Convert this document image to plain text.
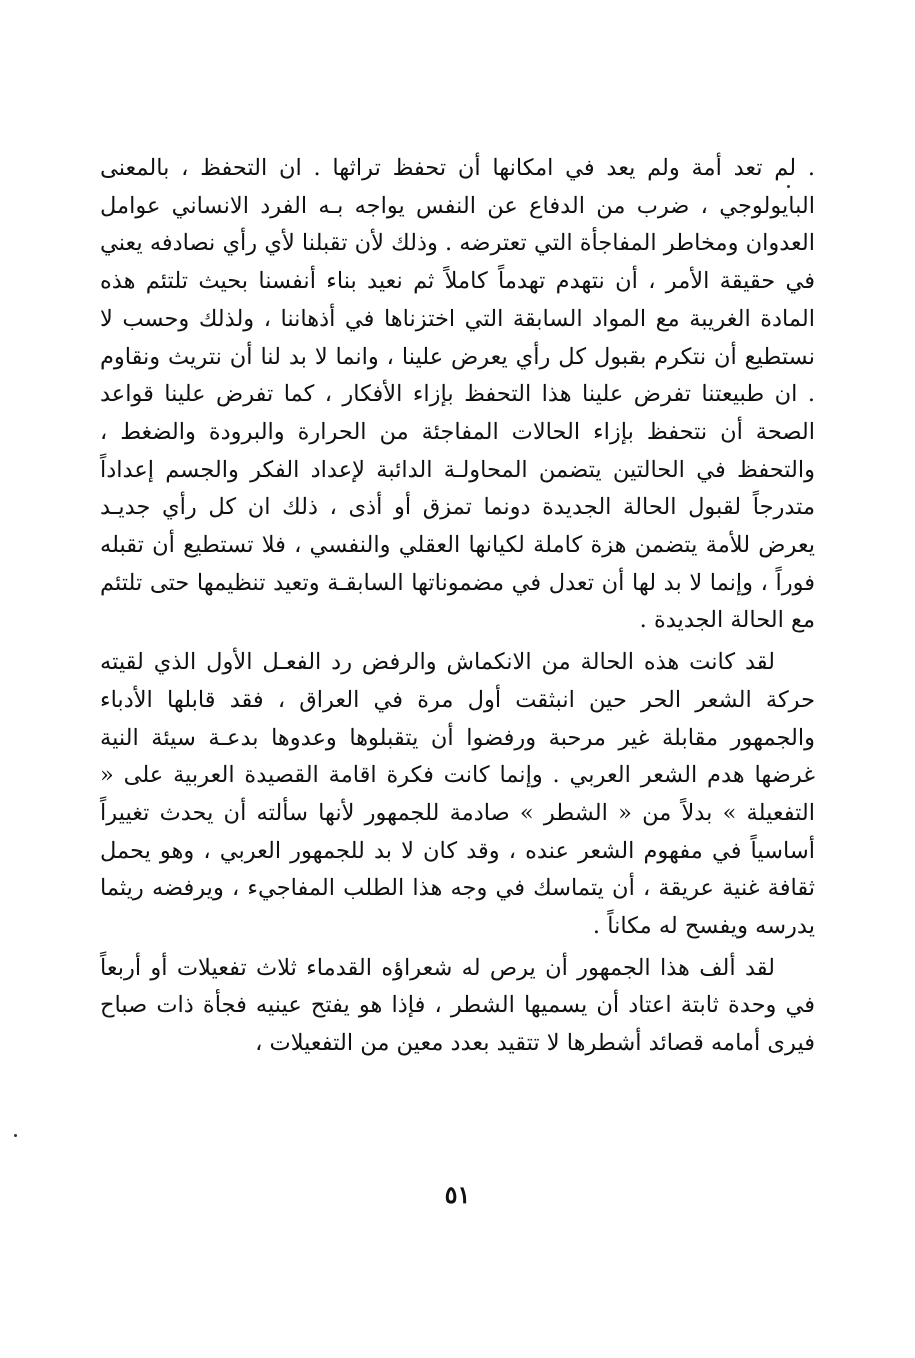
. لم تعد أمة ولم يعد في امكانها أن تحفظ تراثها . ان التحفظ ، بالمعنى البايولوجي ، ضرب من الدفاع عن النفس يواجه بـه الفرد الانساني عوامل العدوان ومخاطر المفاجأة التي تعترضه . وذلك لأن تقبلنا لأي رأي نصادفه يعني في حقيقة الأمر ، أن نتهدم تهدماً كاملاً ثم نعيد بناء أنفسنا بحيث تلتئم هذه المادة الغريبة مع المواد السابقة التي اختزناها في أذهاننا ، ولذلك وحسب لا نستطيع أن نتكرم بقبول كل رأي يعرض علينا ، وانما لا بد لنا أن نتريث ونقاوم . ان طبيعتنا تفرض علينا هذا التحفظ بإزاء الأفكار ، كما تفرض علينا قواعد الصحة أن نتحفظ بإزاء الحالات المفاجئة من الحرارة والبرودة والضغط ، والتحفظ في الحالتين يتضمن المحاولـة الدائبة لإعداد الفكر والجسم إعداداً متدرجاً لقبول الحالة الجديدة دونما تمزق أو أذى ، ذلك ان كل رأي جديـد يعرض للأمة يتضمن هزة كاملة لكيانها العقلي والنفسي ، فلا تستطيع أن تقبله فوراً ، وإنما لا بد لها أن تعدل في مضموناتها السابقـة وتعيد تنظيمها حتى تلتئم مع الحالة الجديدة .

لقد كانت هذه الحالة من الانكماش والرفض رد الفعـل الأول الذي لقيته حركة الشعر الحر حين انبثقت أول مرة في العراق ، فقد قابلها الأدباء والجمهور مقابلة غير مرحبة ورفضوا أن يتقبلوها وعدوها بدعـة سيئة النية غرضها هدم الشعر العربي . وإنما كانت فكرة اقامة القصيدة العربية على « التفعيلة » بدلاً من « الشطر » صادمة للجمهور لأنها سألته أن يحدث تغييراً أساسياً في مفهوم الشعر عنده ، وقد كان لا بد للجمهور العربي ، وهو يحمل ثقافة غنية عريقة ، أن يتماسك في وجه هذا الطلب المفاجيء ، ويرفضه ريثما يدرسه ويفسح له مكاناً .

لقد ألف هذا الجمهور أن يرص له شعراؤه القدماء ثلاث تفعيلات أو أربعاً في وحدة ثابتة اعتاد أن يسميها الشطر ، فإذا هو يفتح عينيه فجأة ذات صباح فيرى أمامه قصائد أشطرها لا تتقيد بعدد معين من التفعيلات ،

٥١
